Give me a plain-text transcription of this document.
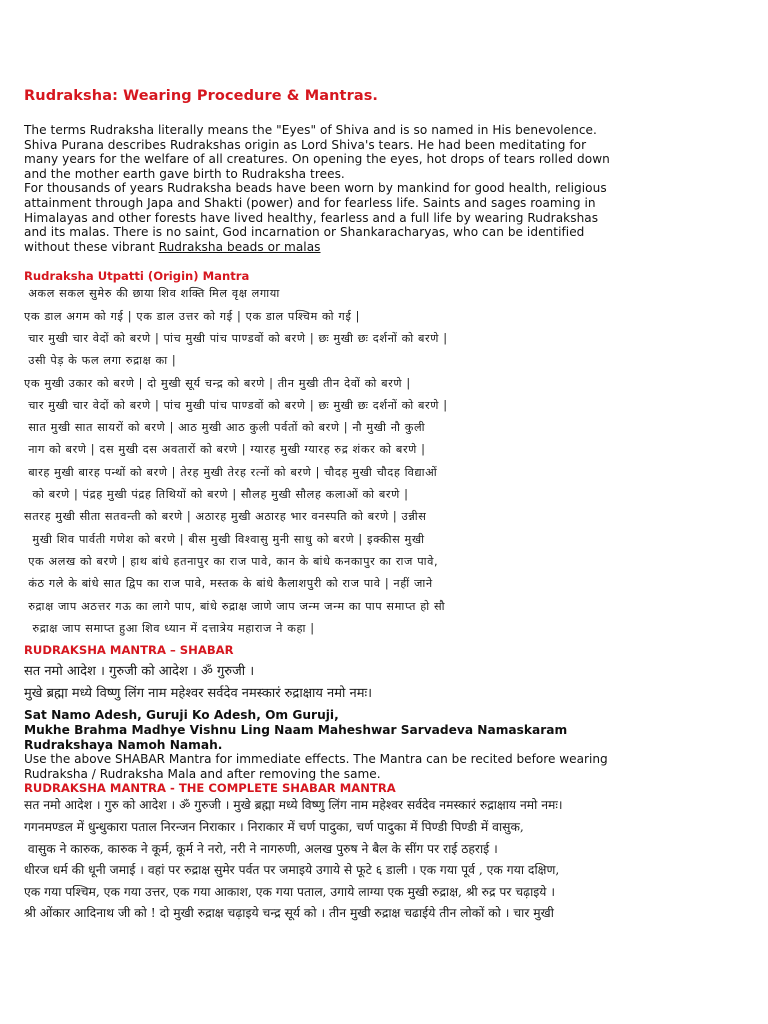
Rudraksha: Wearing Procedure & Mantras.
The terms Rudraksha literally means the "Eyes" of Shiva and is so named in His benevolence.
Shiva Purana describes Rudrakshas origin as Lord Shiva's tears. He had been meditating for
many years for the welfare of all creatures. On opening the eyes, hot drops of tears rolled down
and the mother earth gave birth to Rudraksha trees.
For thousands of years Rudraksha beads have been worn by mankind for good health, religious
attainment through Japa and Shakti (power) and for fearless life. Saints and sages roaming in
Himalayas and other forests have lived healthy, fearless and a full life by wearing Rudrakshas
and its malas. There is no saint, God incarnation or Shankaracharyas, who can be identified
without these vibrant Rudraksha beads or malas
Rudraksha Utpatti (Origin) Mantra
अकल सकल सुमेरु की छाया शिव शक्ति मिल वृक्ष लगाया
एक डाल अगम को गई | एक डाल उत्तर को गई | एक डाल पश्चिम को गई |
चार मुखी चार वेदों को बरणे | पांच मुखी पांच पाण्डवों को बरणे | छः मुखी छः दर्शनों को बरणे |
उसी पेड़ के फल लगा रुद्राक्ष का |
एक मुखी उकार को बरणे | दो मुखी सूर्य चन्द्र को बरणे | तीन मुखी तीन देवों को बरणे |
चार मुखी चार वेदों को बरणे | पांच मुखी पांच पाण्डवों को बरणे | छः मुखी छः दर्शनों को बरणे |
सात मुखी सात सायरों को बरणे | आठ मुखी आठ कुली पर्वतों को बरणे | नौ मुखी नौ कुली
नाग को बरणे | दस मुखी दस अवतारों को बरणे | ग्यारह मुखी ग्यारह रुद्र शंकर को बरणे |
बारह मुखी बारह पन्थों को बरणे | तेरह मुखी तेरह रत्नों को बरणे | चौदह मुखी चौदह विद्याओं
को बरणे | पंद्रह मुखी पंद्रह तिथियों को बरणे | सौलह मुखी सौलह कलाओं को बरणे |
सतरह मुखी सीता सतवन्ती को बरणे | अठारह मुखी अठारह भार वनस्पति को बरणे | उन्नीस
मुखी शिव पार्वती गणेश को बरणे | बीस मुखी विश्वासु मुनी साधु को बरणे | इक्कीस मुखी
एक अलख को बरणे | हाथ बांधे हतनापुर का राज पावे, कान के बांधे कनकापुर का राज पावे,
कंठ गले के बांधे सात द्विप का राज पावे, मस्तक के बांधे कैलाशपुरी को राज पावे | नहीं जाने
रुद्राक्ष जाप अठत्तर गऊ का लागे पाप, बांधे रुद्राक्ष जाणे जाप जन्म जन्म का पाप समाप्त हो सौ
रुद्राक्ष जाप समाप्त हुआ शिव ध्यान में दत्तात्रेय महाराज ने कहा |
RUDRAKSHA MANTRA – SHABAR
सत नमो आदेश । गुरुजी को आदेश । ॐ गुरुजी ।
मुखे ब्रह्मा मध्ये विष्णु लिंग नाम महेश्वर सर्वदेव नमस्कारं रुद्राक्षाय नमो नमः।
Sat Namo Adesh, Guruji Ko Adesh, Om Guruji,
Mukhe Brahma Madhye Vishnu Ling Naam Maheshwar Sarvadeva Namaskaram
Rudrakshaya Namoh Namah.
Use the above SHABAR Mantra for immediate effects. The Mantra can be recited before wearing
Rudraksha / Rudraksha Mala and after removing the same.
RUDRAKSHA MANTRA - THE COMPLETE SHABAR MANTRA
सत नमो आदेश । गुरु को आदेश । ॐ गुरुजी । मुखे ब्रह्मा मध्ये विष्णु लिंग नाम महेश्वर सर्वदेव नमस्कारं रुद्राक्षाय नमो नमः।
गगनमण्डल में धुन्धुकारा पताल निरन्जन निराकार । निराकार में चर्ण पादुका, चर्ण पादुका में पिण्डी पिण्डी में वासुक,
वासुक ने कारुक, कारुक ने कूर्म, कूर्म ने नरो, नरी ने नागरुणी, अलख पुरुष ने बैल के सींग पर राई ठहराई ।
धीरज धर्म की धूनी जमाई । वहां पर रुद्राक्ष सुमेर पर्वत पर जमाइये उगाये से फूटे ६ डाली । एक गया पूर्व , एक गया दक्षिण,
एक गया पश्चिम, एक गया उत्तर, एक गया आकाश, एक गया पताल, उगाये लाग्या एक मुखी रुद्राक्ष, श्री रुद्र पर चढ़ाइये ।
श्री ओंकार आदिनाथ जी को ! दो मुखी रुद्राक्ष चढ़ाइये चन्द्र सूर्य को । तीन मुखी रुद्राक्ष चढाईये तीन लोकों को । चार मुखी
